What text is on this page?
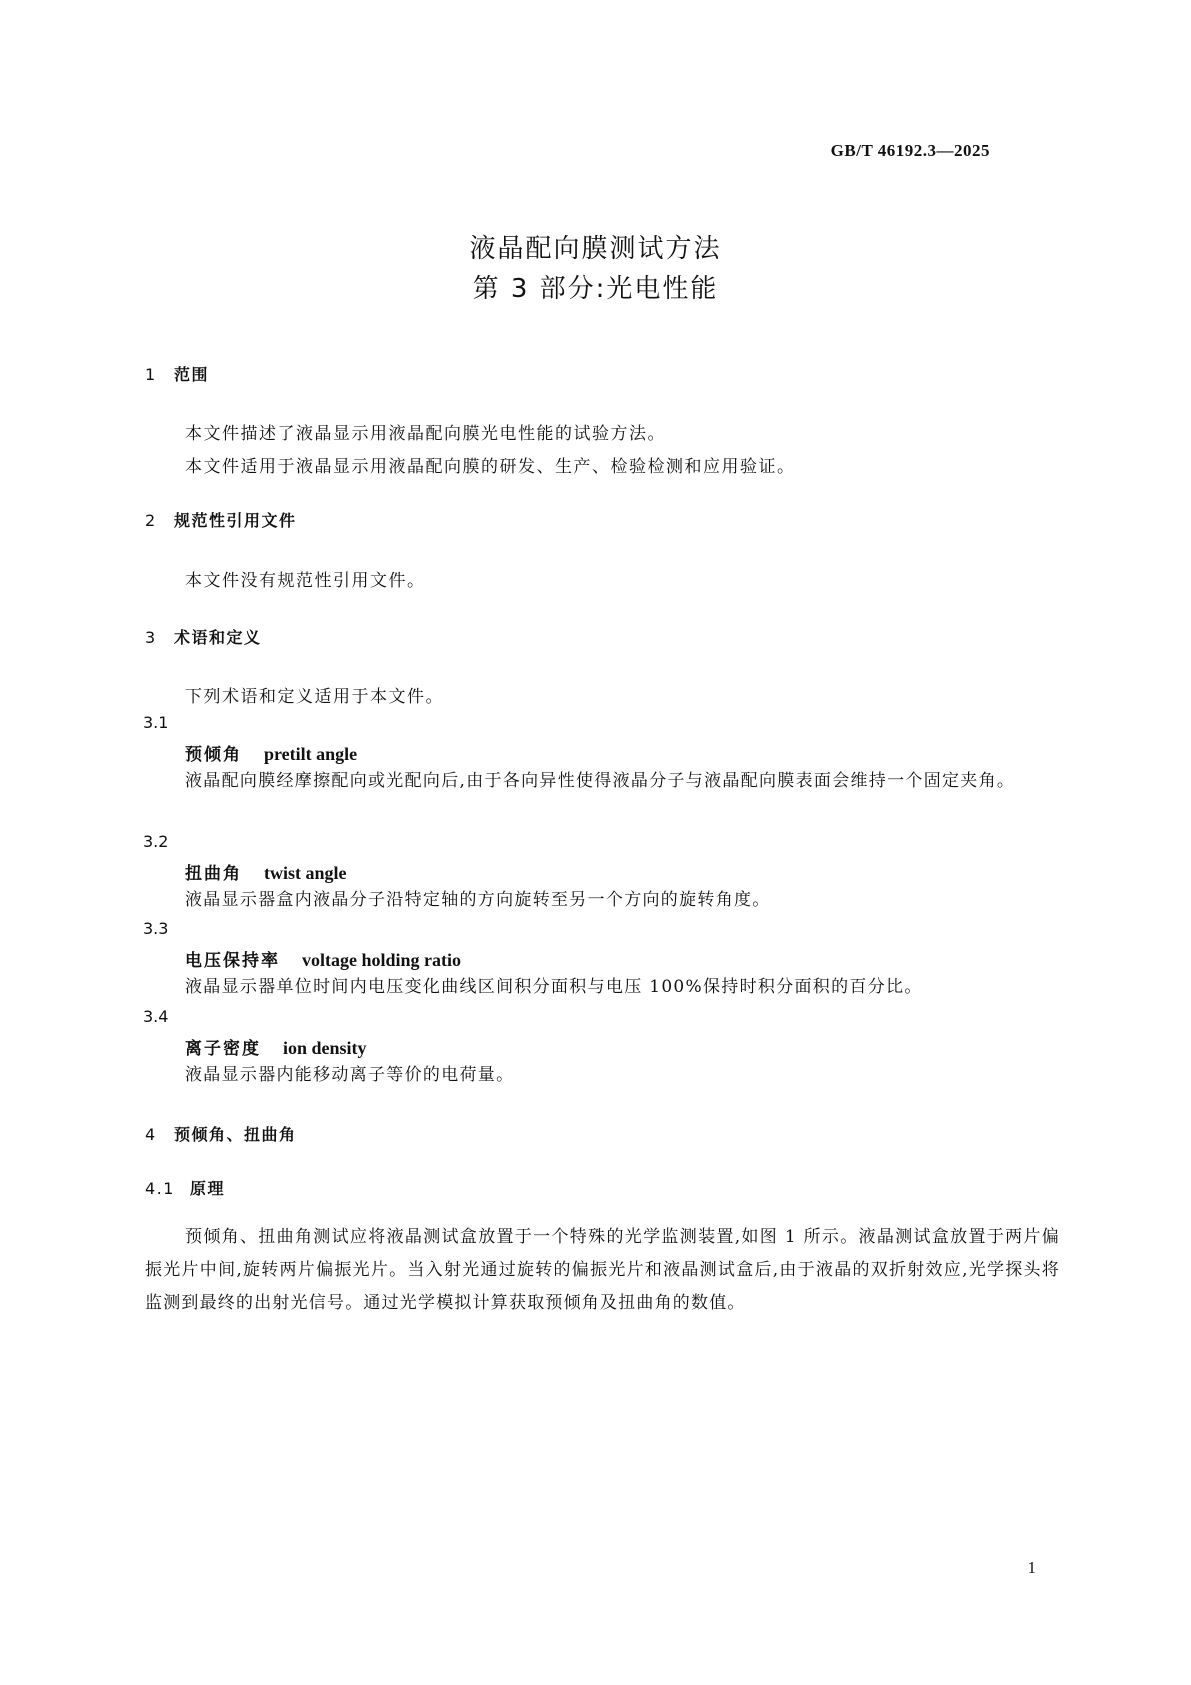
GB/T 46192.3—2025
液晶配向膜测试方法
第 3 部分:光电性能
1 范围
本文件描述了液晶显示用液晶配向膜光电性能的试验方法。
本文件适用于液晶显示用液晶配向膜的研发、生产、检验检测和应用验证。
2 规范性引用文件
本文件没有规范性引用文件。
3 术语和定义
下列术语和定义适用于本文件。
3.1
预倾角 pretilt angle
液晶配向膜经摩擦配向或光配向后,由于各向异性使得液晶分子与液晶配向膜表面会维持一个固定夹角。
3.2
扭曲角 twist angle
液晶显示器盒内液晶分子沿特定轴的方向旋转至另一个方向的旋转角度。
3.3
电压保持率 voltage holding ratio
液晶显示器单位时间内电压变化曲线区间积分面积与电压 100%保持时积分面积的百分比。
3.4
离子密度 ion density
液晶显示器内能移动离子等价的电荷量。
4 预倾角、扭曲角
4.1 原理
预倾角、扭曲角测试应将液晶测试盒放置于一个特殊的光学监测装置,如图 1 所示。液晶测试盒放置于两片偏振光片中间,旋转两片偏振光片。当入射光通过旋转的偏振光片和液晶测试盒后,由于液晶的双折射效应,光学探头将监测到最终的出射光信号。通过光学模拟计算获取预倾角及扭曲角的数值。
1
